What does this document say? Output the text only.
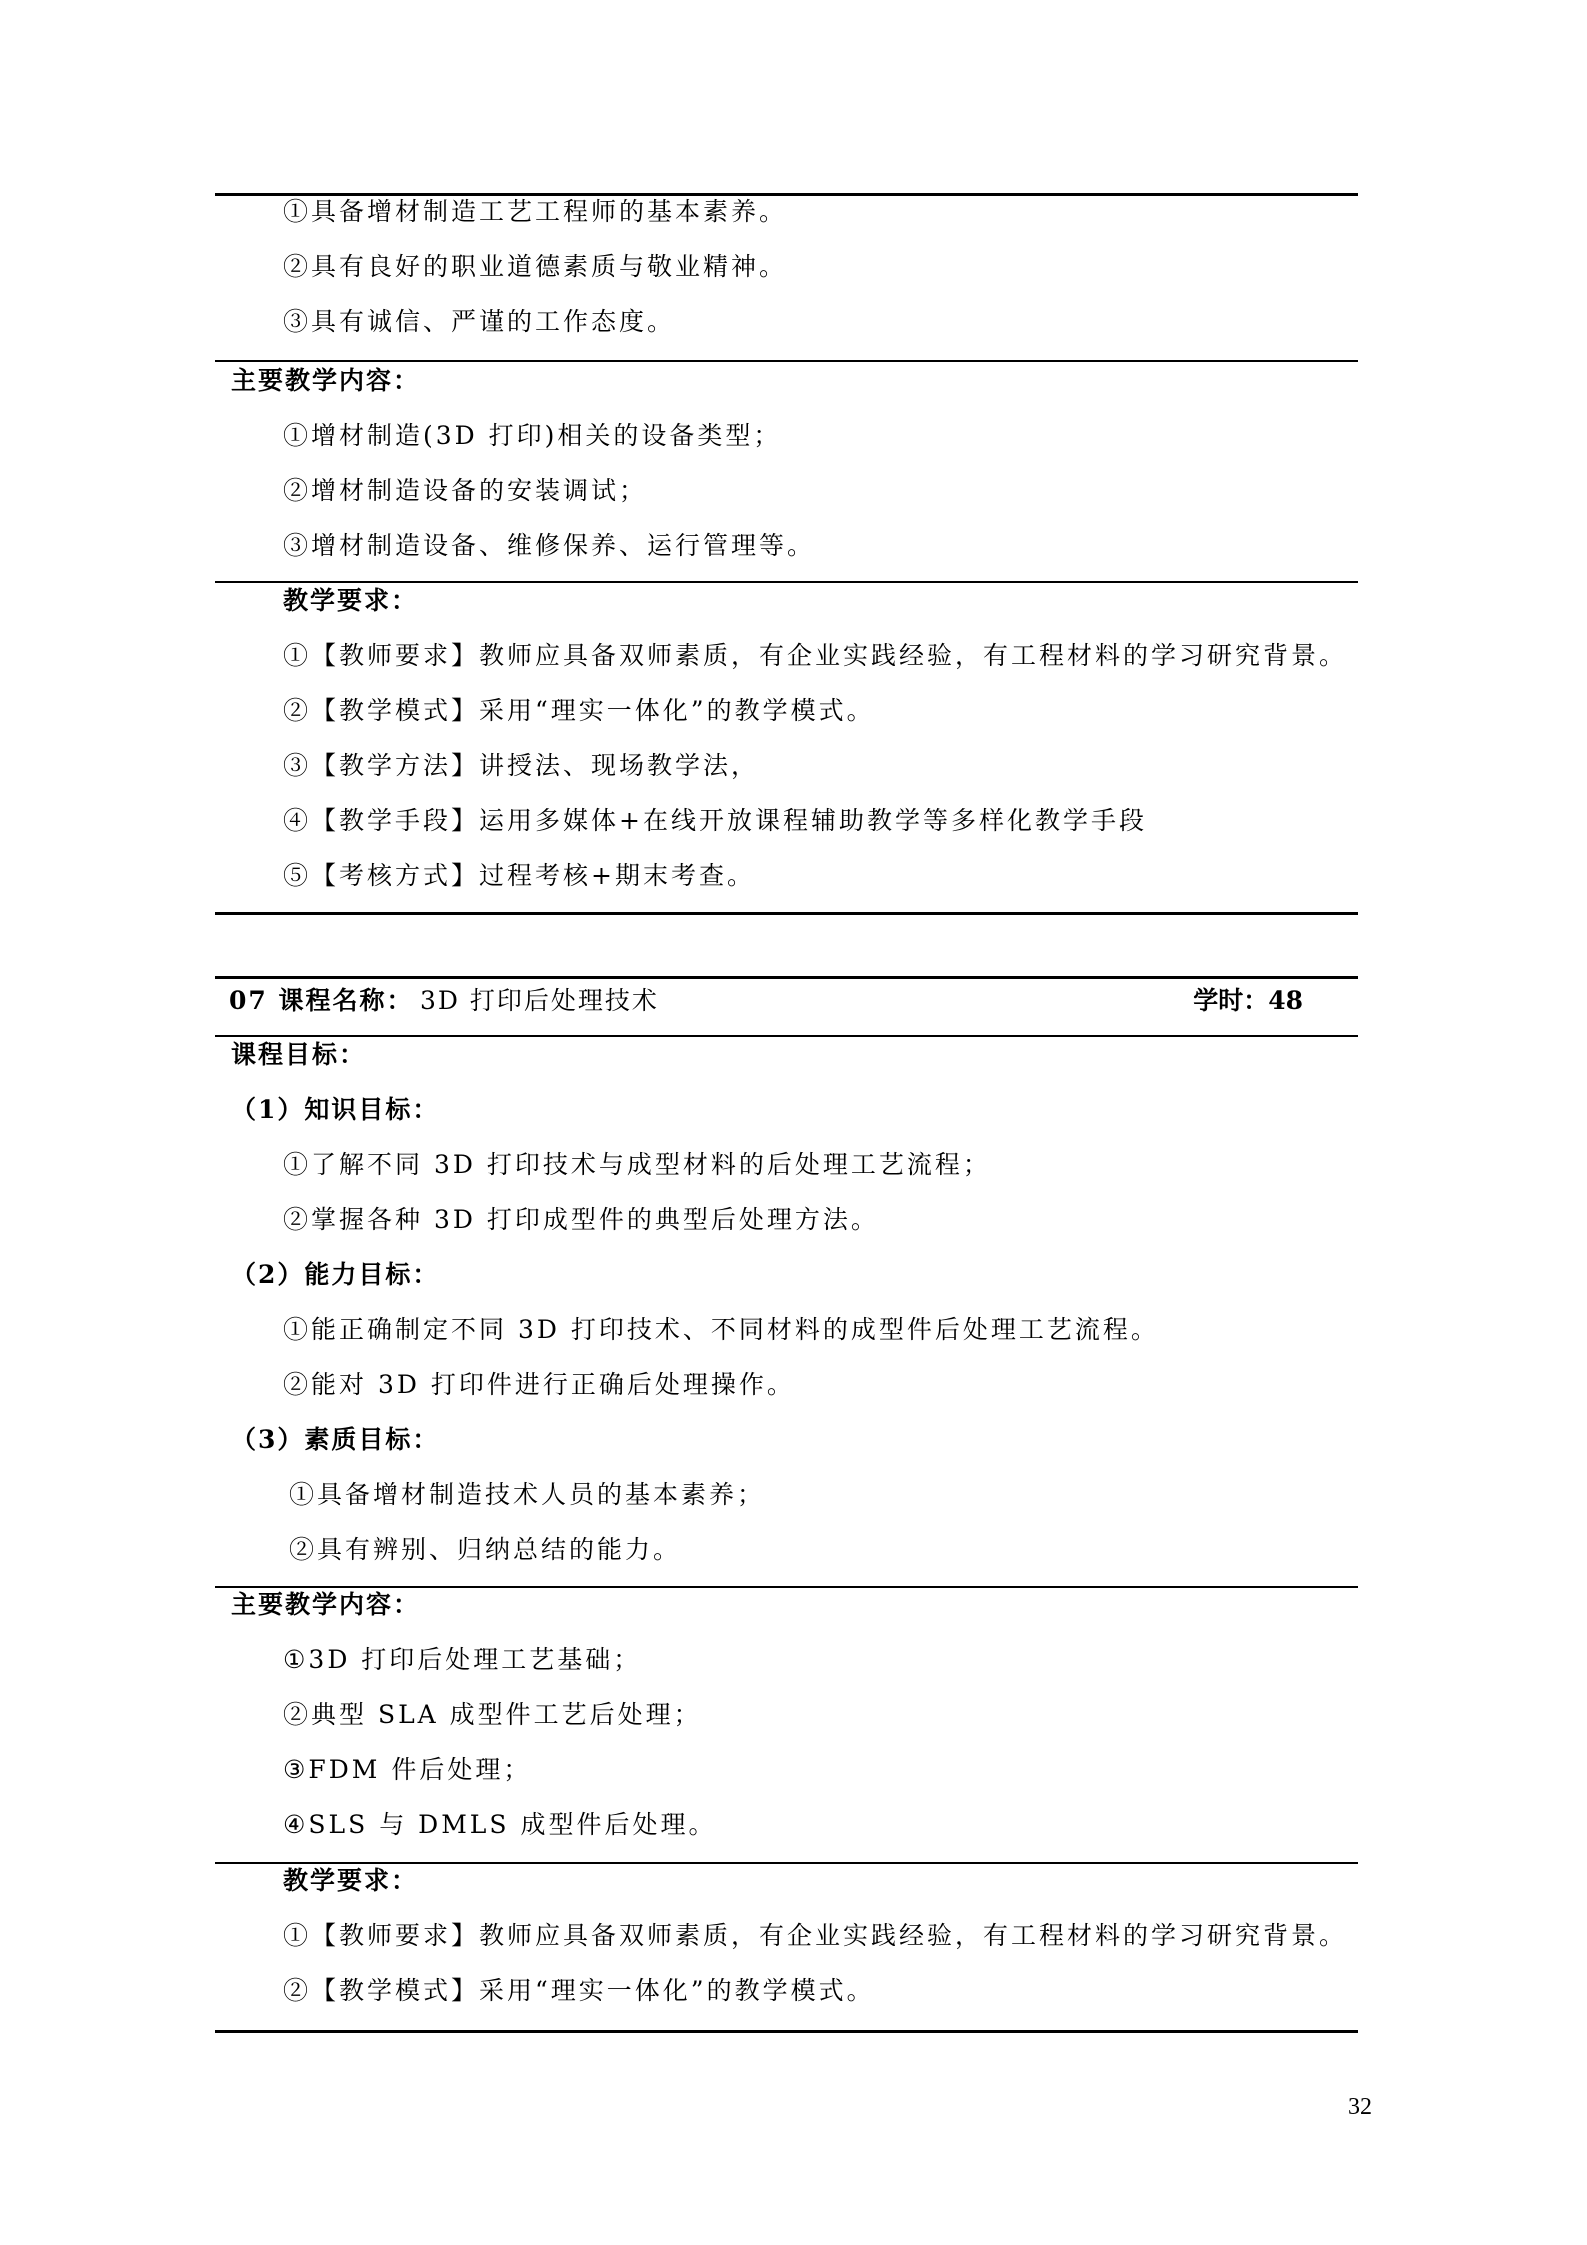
①具备增材制造工艺工程师的基本素养。
②具有良好的职业道德素质与敬业精神。
③具有诚信、严谨的工作态度。
主要教学内容：
①增材制造(3D 打印)相关的设备类型；
②增材制造设备的安装调试；
③增材制造设备、维修保养、运行管理等。
教学要求：
①【教师要求】教师应具备双师素质，有企业实践经验，有工程材料的学习研究背景。
②【教学模式】采用“理实一体化”的教学模式。
③【教学方法】讲授法、现场教学法，
④【教学手段】运用多媒体+在线开放课程辅助教学等多样化教学手段
⑤【考核方式】过程考核+期末考查。
07 课程名称： 3D 打印后处理技术	学时：48
课程目标：
（1）知识目标：
①了解不同 3D 打印技术与成型材料的后处理工艺流程；
②掌握各种 3D 打印成型件的典型后处理方法。
（2）能力目标：
①能正确制定不同 3D 打印技术、不同材料的成型件后处理工艺流程。
②能对 3D 打印件进行正确后处理操作。
（3）素质目标：
①具备增材制造技术人员的基本素养；
②具有辨别、归纳总结的能力。
主要教学内容：
①3D 打印后处理工艺基础；
②典型 SLA 成型件工艺后处理；
③FDM 件后处理；
④SLS 与 DMLS 成型件后处理。
教学要求：
①【教师要求】教师应具备双师素质，有企业实践经验，有工程材料的学习研究背景。
②【教学模式】采用“理实一体化”的教学模式。
32
